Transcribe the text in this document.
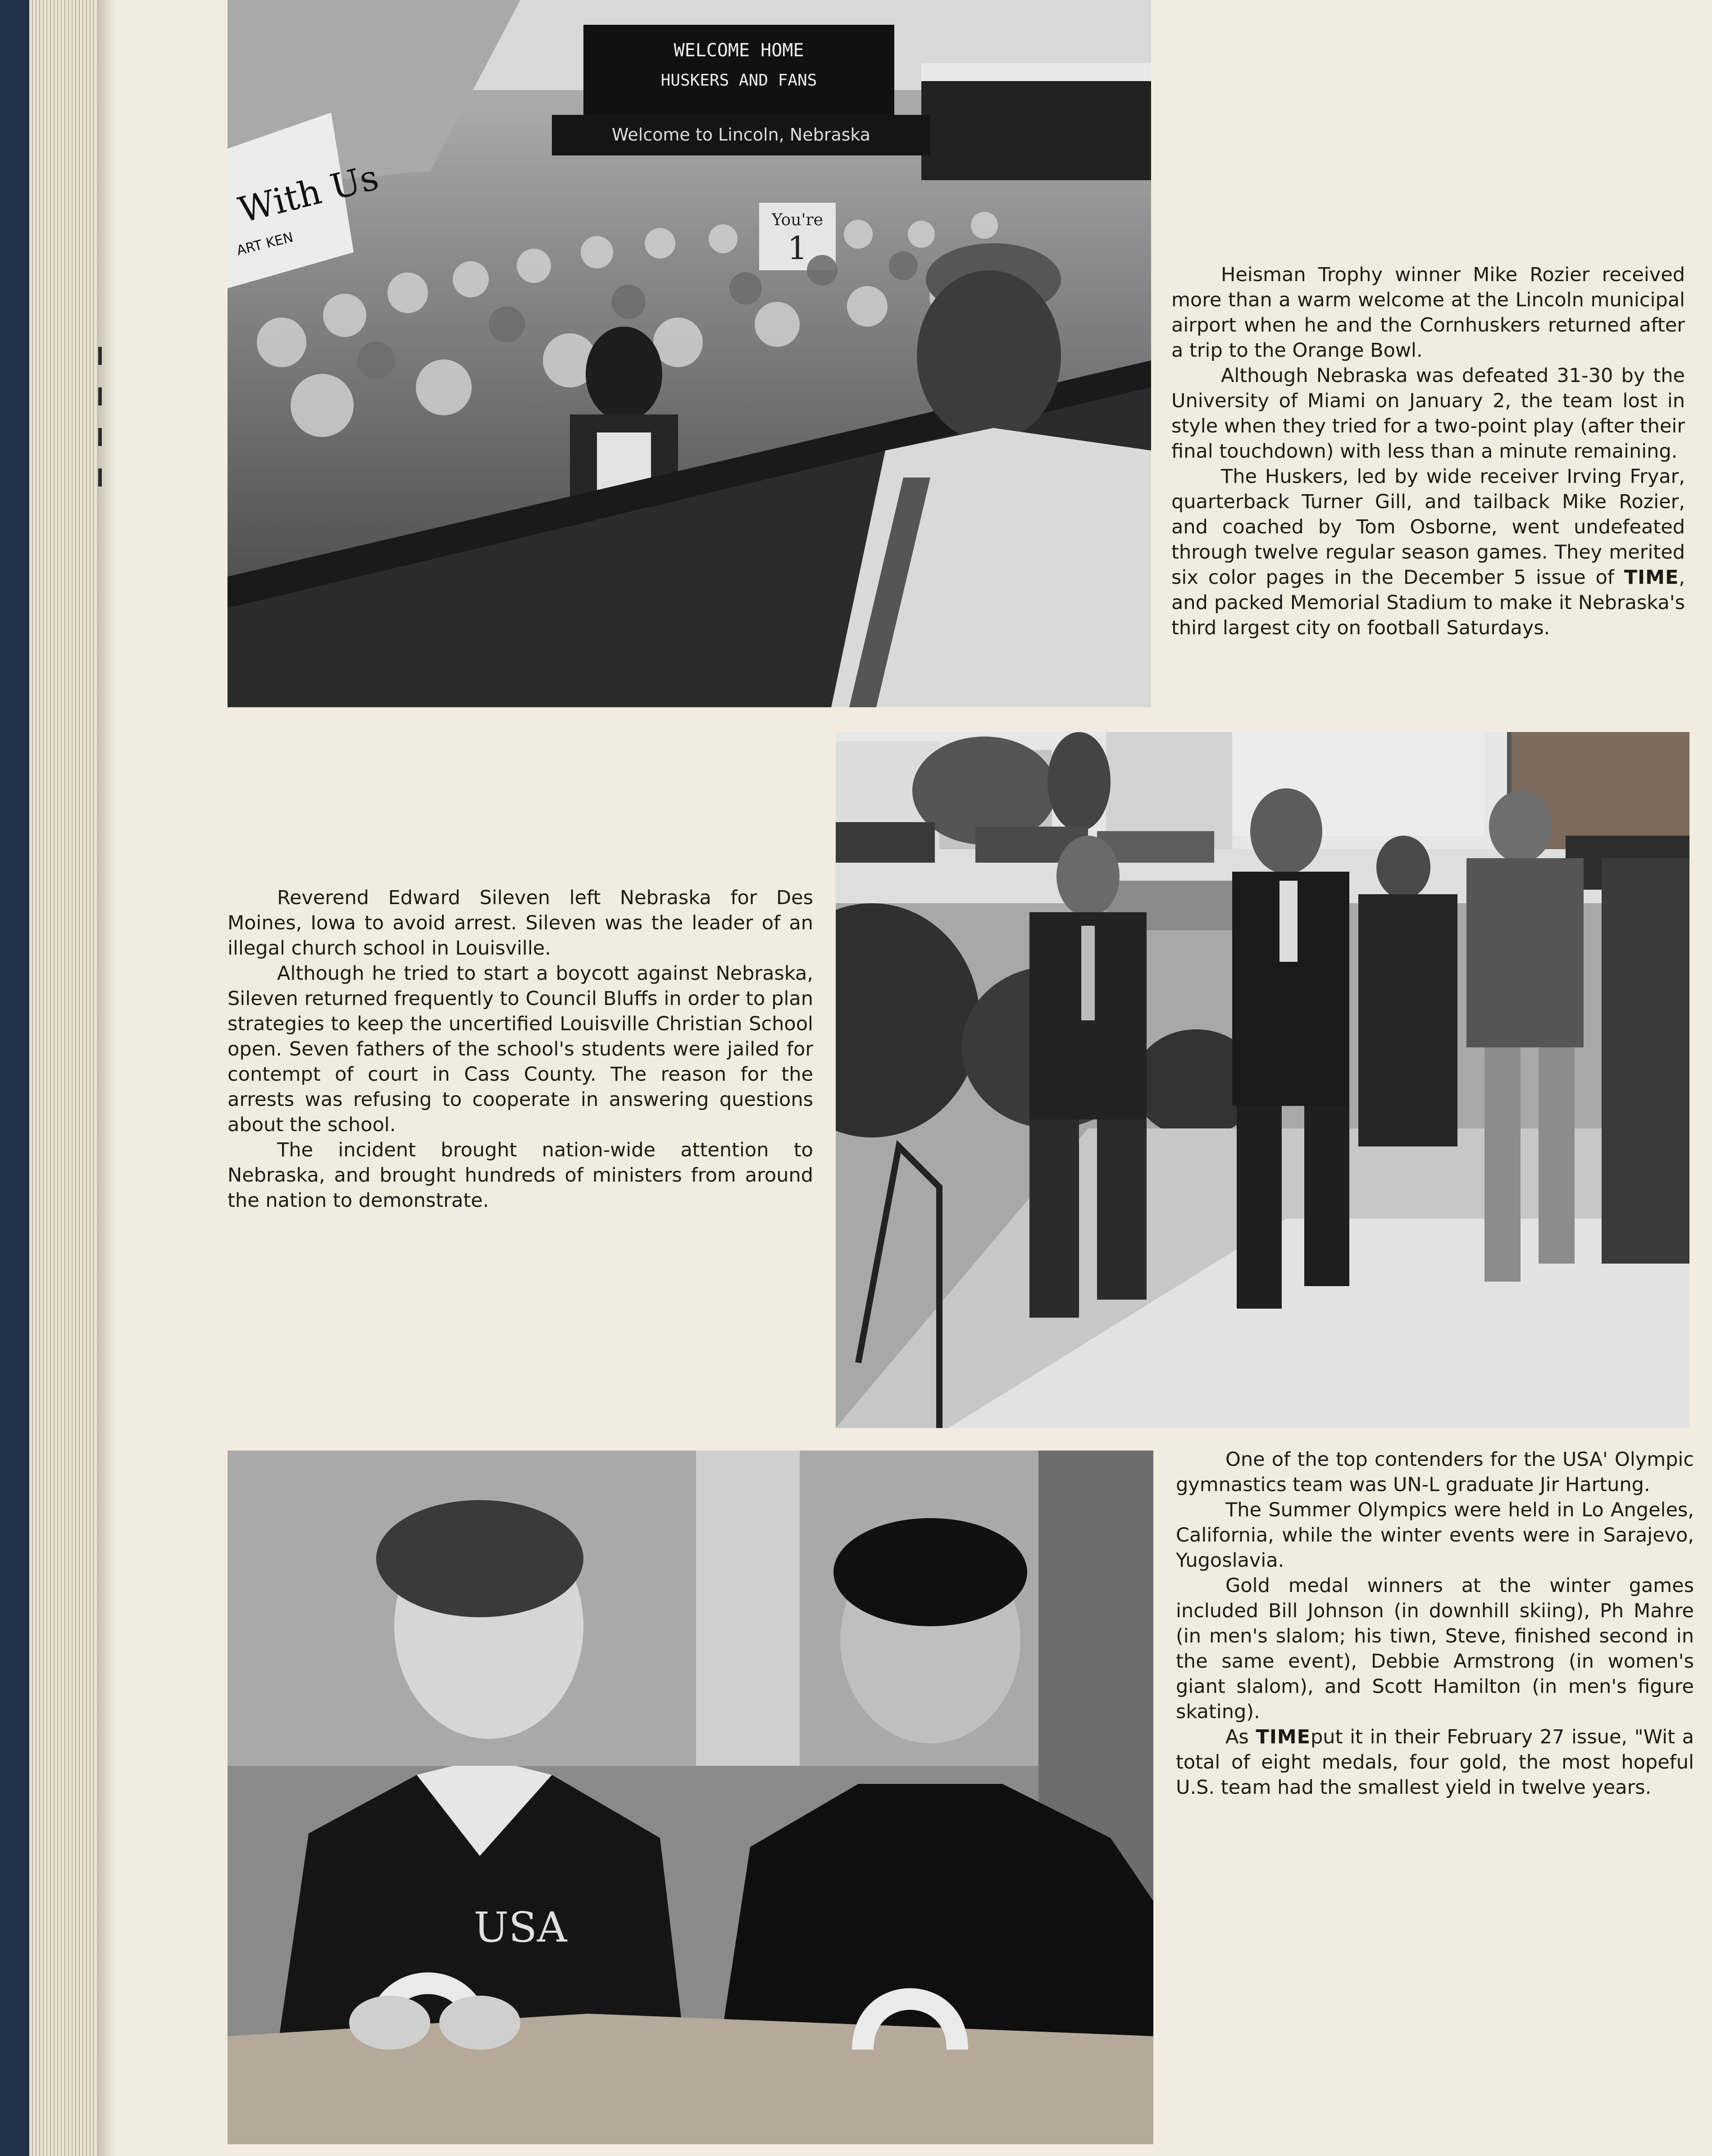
WELCOME HOME
HUSKERS AND FANS
Welcome to Lincoln, Nebraska
With Us
ART KEN
You're
1

Heisman Trophy winner Mike Rozier received more than a warm welcome at the Lincoln municipal airport when he and the Cornhuskers returned after a trip to the Orange Bowl.

Although Nebraska was defeated 31-30 by the University of Miami on January 2, the team lost in style when they tried for a two-point play (after their final touchdown) with less than a minute remaining.

The Huskers, led by wide receiver Irving Fryar, quarterback Turner Gill, and tailback Mike Rozier, and coached by Tom Osborne, went undefeated through twelve regular season games. They merited six color pages in the December 5 issue of TIME, and packed Memorial Stadium to make it Nebraska's third largest city on football Saturdays.

Reverend Edward Sileven left Nebraska for Des Moines, Iowa to avoid arrest. Sileven was the leader of an illegal church school in Louisville.

Although he tried to start a boycott against Nebraska, Sileven returned frequently to Council Bluffs in order to plan strategies to keep the uncertified Louisville Christian School open. Seven fathers of the school's students were jailed for contempt of court in Cass County. The reason for the arrests was refusing to cooperate in answering questions about the school.

The incident brought nation-wide attention to Nebraska, and brought hundreds of ministers from around the nation to demonstrate.

USA

One of the top contenders for the USA' Olympic gymnastics team was UN-L graduate Jir Hartung.

The Summer Olympics were held in Lo Angeles, California, while the winter events were in Sarajevo, Yugoslavia.

Gold medal winners at the winter games included Bill Johnson (in downhill skiing), Ph Mahre (in men's slalom; his tiwn, Steve, finished second in the same event), Debbie Armstrong (in women's giant slalom), and Scott Hamilton (in men's figure skating).

As TIMEput it in their February 27 issue, "Wit a total of eight medals, four gold, the most hopeful U.S. team had the smallest yield in twelve years.
